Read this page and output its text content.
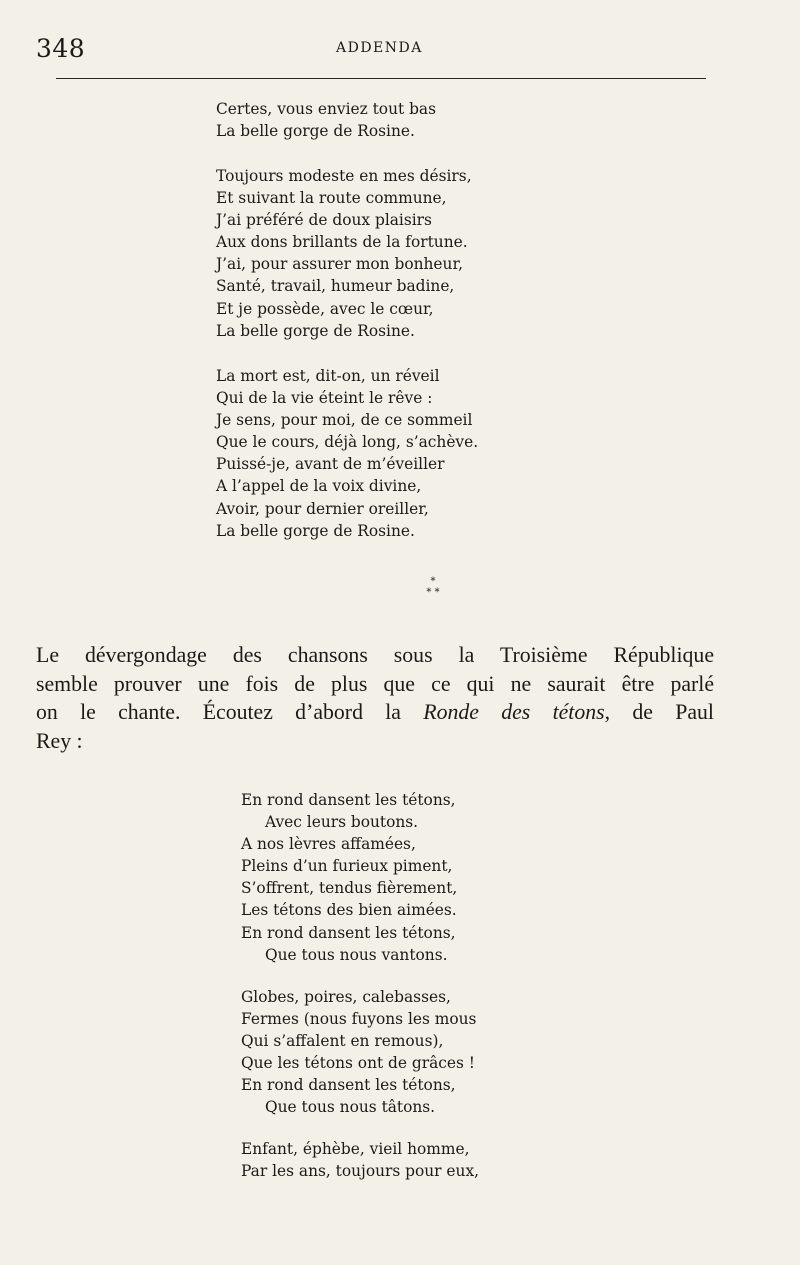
348	ADDENDA
Certes, vous enviez tout bas
La belle gorge de Rosine.
Toujours modeste en mes désirs,
Et suivant la route commune,
J’ai préféré de doux plaisirs
Aux dons brillants de la fortune.
J’ai, pour assurer mon bonheur,
Santé, travail, humeur badine,
Et je possède, avec le cœur,
La belle gorge de Rosine.
La mort est, dit-on, un réveil
Qui de la vie éteint le rêve :
Je sens, pour moi, de ce sommeil
Que le cours, déjà long, s’achève.
Puissé-je, avant de m’éveiller
A l’appel de la voix divine,
Avoir, pour dernier oreiller,
La belle gorge de Rosine.
*
* *
Le dévergondage des chansons sous la Troisième République
semble prouver une fois de plus que ce qui ne saurait être parlé
on le chante. Écoutez d’abord la Ronde des tétons, de Paul
Rey :
En rond dansent les tétons,
Avec leurs boutons.
A nos lèvres affamées,
Pleins d’un furieux piment,
S’offrent, tendus fièrement,
Les tétons des bien aimées.
En rond dansent les tétons,
Que tous nous vantons.
Globes, poires, calebasses,
Fermes (nous fuyons les mous
Qui s’affalent en remous),
Que les tétons ont de grâces !
En rond dansent les tétons,
Que tous nous tâtons.
Enfant, éphèbe, vieil homme,
Par les ans, toujours pour eux,
